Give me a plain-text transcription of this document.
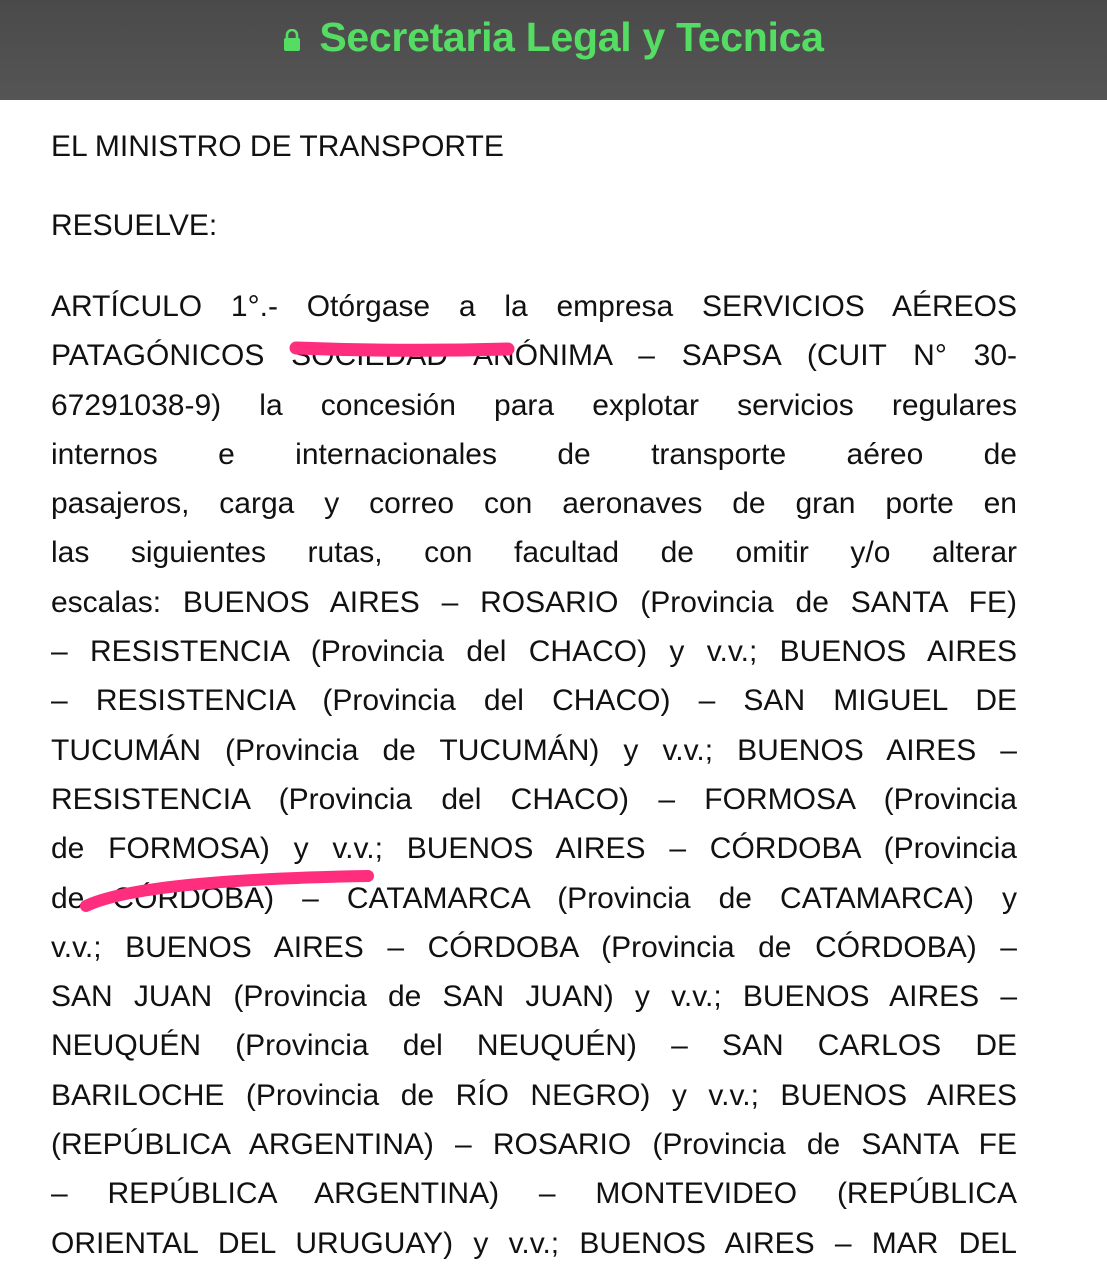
Secretaria Legal y Tecnica
EL MINISTRO DE TRANSPORTE
RESUELVE:
ARTÍCULO 1°.- Otórgase a la empresa SERVICIOS AÉREOS
PATAGÓNICOS SOCIEDAD ANÓNIMA – SAPSA (CUIT N° 30-
67291038-9) la concesión para explotar servicios regulares
internos e internacionales de transporte aéreo de
pasajeros, carga y correo con aeronaves de gran porte en
las siguientes rutas, con facultad de omitir y/o alterar
escalas: BUENOS AIRES – ROSARIO (Provincia de SANTA FE)
– RESISTENCIA (Provincia del CHACO) y v.v.; BUENOS AIRES
– RESISTENCIA (Provincia del CHACO) – SAN MIGUEL DE
TUCUMÁN (Provincia de TUCUMÁN) y v.v.; BUENOS AIRES –
RESISTENCIA (Provincia del CHACO) – FORMOSA (Provincia
de FORMOSA) y v.v.; BUENOS AIRES – CÓRDOBA (Provincia
de CÓRDOBA) – CATAMARCA (Provincia de CATAMARCA) y
v.v.; BUENOS AIRES – CÓRDOBA (Provincia de CÓRDOBA) –
SAN JUAN (Provincia de SAN JUAN) y v.v.; BUENOS AIRES –
NEUQUÉN (Provincia del NEUQUÉN) – SAN CARLOS DE
BARILOCHE (Provincia de RÍO NEGRO) y v.v.; BUENOS AIRES
(REPÚBLICA ARGENTINA) – ROSARIO (Provincia de SANTA FE
– REPÚBLICA ARGENTINA) – MONTEVIDEO (REPÚBLICA
ORIENTAL DEL URUGUAY) y v.v.; BUENOS AIRES – MAR DEL
